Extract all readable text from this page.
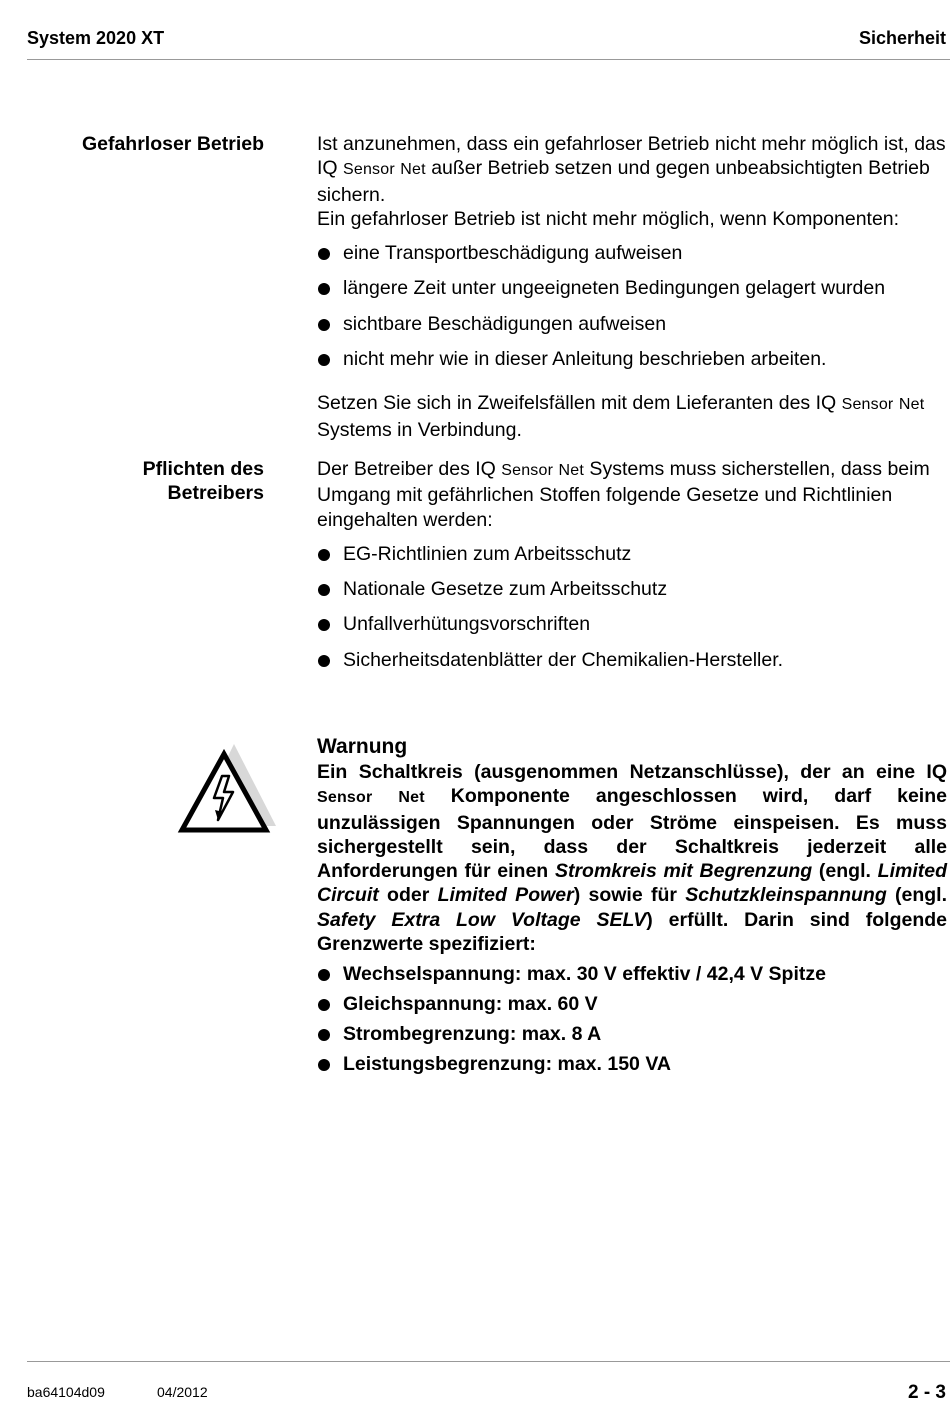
System 2020 XT	Sicherheit
Gefahrloser Betrieb	Ist anzunehmen, dass ein gefahrloser Betrieb nicht mehr möglich ist, das IQ Sensor Net außer Betrieb setzen und gegen unbeabsichtigten Betrieb sichern.

Ein gefahrloser Betrieb ist nicht mehr möglich, wenn Komponenten:

eine Transportbeschädigung aufweisen
längere Zeit unter ungeeigneten Bedingungen gelagert wurden
sichtbare Beschädigungen aufweisen
nicht mehr wie in dieser Anleitung beschrieben arbeiten.

Setzen Sie sich in Zweifelsfällen mit dem Lieferanten des IQ Sensor Net Systems in Verbindung.

Pflichten des
Betreibers

Der Betreiber des IQ Sensor Net Systems muss sicherstellen, dass beim Umgang mit gefährlichen Stoffen folgende Gesetze und Richtlinien eingehalten werden:

EG-Richtlinien zum Arbeitsschutz
Nationale Gesetze zum Arbeitsschutz
Unfallverhütungsvorschriften
Sicherheitsdatenblätter der Chemikalien-Hersteller.
Warnung

Ein Schaltkreis (ausgenommen Netzanschlüsse), der an eine IQ Sensor Net Komponente angeschlossen wird, darf keine unzulässigen Spannungen oder Ströme einspeisen. Es muss sichergestellt sein, dass der Schaltkreis jederzeit alle Anforderungen für einen Stromkreis mit Begrenzung (engl. Limited Circuit oder Limited Power) sowie für Schutzkleinspannung (engl. Safety Extra Low Voltage SELV) erfüllt. Darin sind folgende Grenzwerte spezifiziert:

Wechselspannung: max. 30 V effektiv / 42,4 V Spitze
Gleichspannung: max. 60 V
Strombegrenzung: max. 8 A
Leistungsbegrenzung: max. 150 VA
ba64104d09	04/2012	2 - 3
